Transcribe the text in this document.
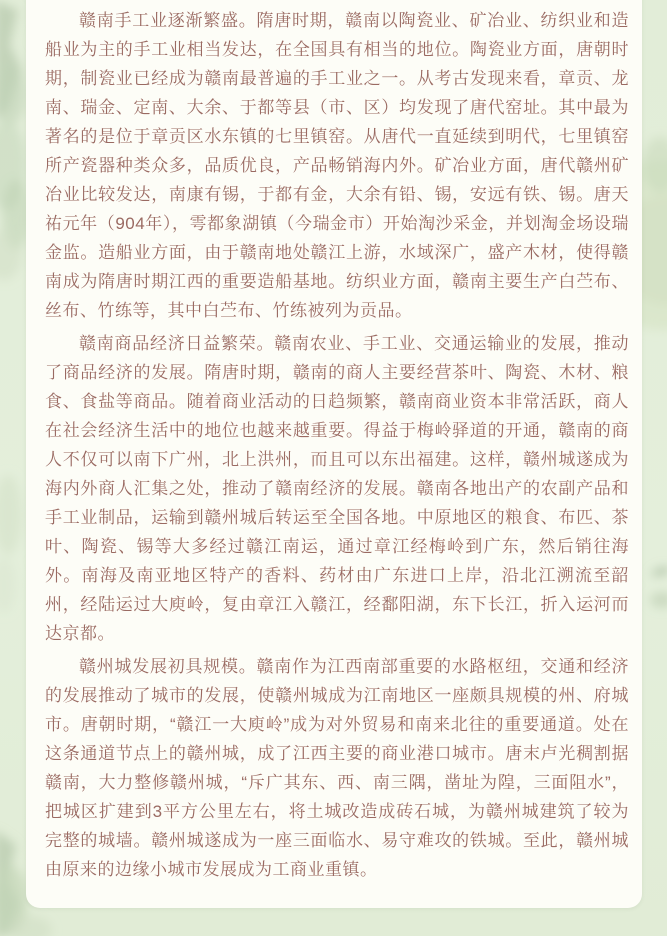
赣南手工业逐渐繁盛。隋唐时期，赣南以陶瓷业、矿冶业、纺织业和造船业为主的手工业相当发达，在全国具有相当的地位。陶瓷业方面，唐朝时期，制瓷业已经成为赣南最普遍的手工业之一。从考古发现来看，章贡、龙南、瑞金、定南、大余、于都等县（市、区）均发现了唐代窑址。其中最为著名的是位于章贡区水东镇的七里镇窑。从唐代一直延续到明代，七里镇窑所产瓷器种类众多，品质优良，产品畅销海内外。矿冶业方面，唐代赣州矿冶业比较发达，南康有锡，于都有金，大余有铅、锡，安远有铁、锡。唐天祐元年（904年），雩都象湖镇（今瑞金市）开始淘沙采金，并划淘金场设瑞金监。造船业方面，由于赣南地处赣江上游，水域深广，盛产木材，使得赣南成为隋唐时期江西的重要造船基地。纺织业方面，赣南主要生产白苎布、丝布、竹练等，其中白苎布、竹练被列为贡品。

赣南商品经济日益繁荣。赣南农业、手工业、交通运输业的发展，推动了商品经济的发展。隋唐时期，赣南的商人主要经营茶叶、陶瓷、木材、粮食、食盐等商品。随着商业活动的日趋频繁，赣南商业资本非常活跃，商人在社会经济生活中的地位也越来越重要。得益于梅岭驿道的开通，赣南的商人不仅可以南下广州，北上洪州，而且可以东出福建。这样，赣州城遂成为海内外商人汇集之处，推动了赣南经济的发展。赣南各地出产的农副产品和手工业制品，运输到赣州城后转运至全国各地。中原地区的粮食、布匹、茶叶、陶瓷、锡等大多经过赣江南运，通过章江经梅岭到广东，然后销往海外。南海及南亚地区特产的香料、药材由广东进口上岸，沿北江溯流至韶州，经陆运过大庾岭，复由章江入赣江，经鄱阳湖，东下长江，折入运河而达京都。

赣州城发展初具规模。赣南作为江西南部重要的水路枢纽，交通和经济的发展推动了城市的发展，使赣州城成为江南地区一座颇具规模的州、府城市。唐朝时期，“赣江一大庾岭”成为对外贸易和南来北往的重要通道。处在这条通道节点上的赣州城，成了江西主要的商业港口城市。唐末卢光稠割据赣南，大力整修赣州城，“斥广其东、西、南三隅，凿址为隍，三面阻水”，把城区扩建到3平方公里左右，将土城改造成砖石城，为赣州城建筑了较为完整的城墙。赣州城遂成为一座三面临水、易守难攻的铁城。至此，赣州城由原来的边缘小城市发展成为工商业重镇。
